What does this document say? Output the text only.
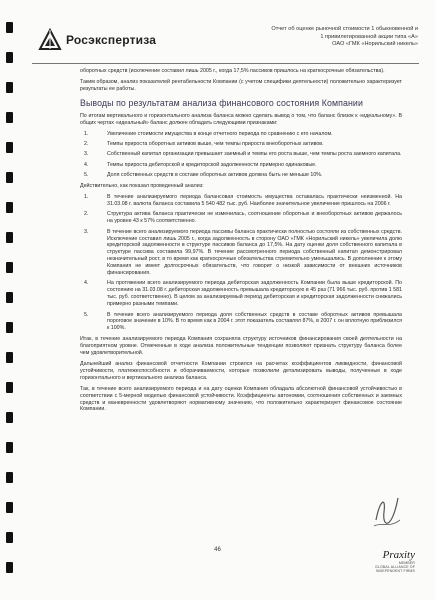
Росэкспертиза
Отчет об оценке рыночной стоимости 1 обыкновенной и
1 привилегированной акции типа «А»
ОАО «ГМК «Норильский никель»

оборотных средств (исключение составил лишь 2005 г., когда 17,5% пассивов пришлось на краткосрочные обязательства).

Таким образом, анализ показателей рентабельности Компании (с учетом специфики деятельности) положительно характеризует результаты ее работы.

Выводы по результатам анализа финансового состояния Компании

По итогам вертикального и горизонтального анализа баланса можно сделать вывод о том, что баланс близок к «идеальному». В общих чертах «идеальный» баланс должен обладать следующими признаками:

1.	Увеличение стоимости имущества в конце отчетного периода по сравнению с его началом.
2.	Темпы прироста оборотных активов выше, чем темпы прироста внеоборотных активов.
3.	Собственный капитал организации превышает заемный и темпы его роста выше, чем темпы роста заемного капитала.
4.	Темпы прироста дебиторской и кредиторской задолженности примерно одинаковые.
5.	Доля собственных средств в составе оборотных активов должна быть не меньше 10%.

Действительно, как показал проведенный анализ:

1.	В течение анализируемого периода балансовая стоимость имущества оставалась практически неизменной. На 31.03.08 г. валюта баланса составила 5 540 482 тыс. руб. Наиболее значительное увеличение пришлось на 2006 г.
2.	Структура актива баланса практически не изменилась, соотношение оборотных и внеоборотных активов держалось на уровне 43 к 57% соответственно.
3.	В течение всего анализируемого периода пассивы баланса практически полностью состояли из собственных средств. Исключение составил лишь 2005 г., когда задолженность в сторону ОАО «ГМК «Норильский никель» увеличила долю кредиторской задолженности в структуре пассивов баланса до 17,5%. На дату оценки доля собственного капитала в структуре пассива составила 99,97%. В течение рассмотренного периода собственный капитал демонстрировал незначительный рост, в то время как краткосрочные обязательства стремительно уменьшались. В дополнение к этому Компания не имеет долгосрочных обязательств, что говорит о низкой зависимости от внешних источников финансирования.
4.	На протяжении всего анализируемого периода дебиторская задолженность Компании была выше кредиторской. По состоянию на 31.03.08 г. дебиторская задолженность превышала кредиторскую в 45 раз (71 966 тыс. руб. против 1 581 тыс. руб. соответственно). В целом за анализируемый период дебиторская и кредиторская задолженности снижались примерно разными темпами.
5.	В течение всего анализируемого периода доля собственных средств в составе оборотных активов превышала пороговое значение в 10%. В то время как в 2004 г. этот показатель составлял 87%, в 2007 г. он вплотную приблизился к 100%.

Итак, в течение анализируемого периода Компания сохраняла структуру источников финансирования своей деятельности на благоприятном уровне. Отмеченные в ходе анализа положительные тенденции позволяют признать структуру баланса более чем удовлетворительной.

Дальнейший анализ финансовой отчетности Компании строился на расчетах коэффициентов ликвидности, финансовой устойчивости, платежеспособности и оборачиваемости, которые позволили детализировать выводы, полученные в ходе горизонтального и вертикального анализа баланса.

Так, в течение всего анализируемого периода и на дату оценки Компания обладала абсолютной финансовой устойчивостью в соответствии с 5-мерной моделью финансовой устойчивости. Коэффициенты автономии, соотношения собственных и заемных средств и маневренности удовлетворяют нормативному значению, что положительно характеризует финансовое состояние Компании.

46	Praxity
MEMBER
GLOBAL ALLIANCE OF
INDEPENDENT FIRMS
